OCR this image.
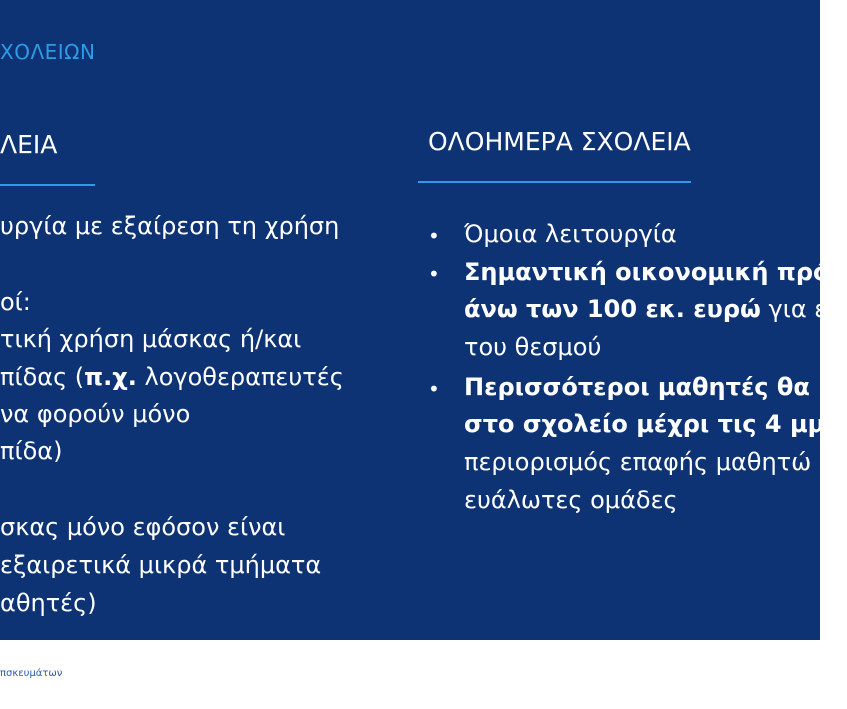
ΧΟΛΕΙΩΝ
ΛΕΙΑ

υργία με εξαίρεση τη χρήση

οί:

τική χρήση μάσκας ή/και

πίδας (π.χ. λογοθεραπευτές

να φορούν μόνο

πίδα)

σκας μόνο εφόσον είναι

εξαιρετικά μικρά τμήματα

αθητές)

ΟΛΟΗΜΕΡΑ ΣΧΟΛΕΙΑ
• Όμοια λειτουργία

• Σημαντική οικονομική πρόβ

άνω των 100 εκ. ευρώ για ε

του θεσμού

• Περισσότεροι μαθητές θα μ

στο σχολείο μέχρι τις 4 μμ.

περιορισμός επαφής μαθητώ

ευάλωτες ομάδες

πσκευμάτων
